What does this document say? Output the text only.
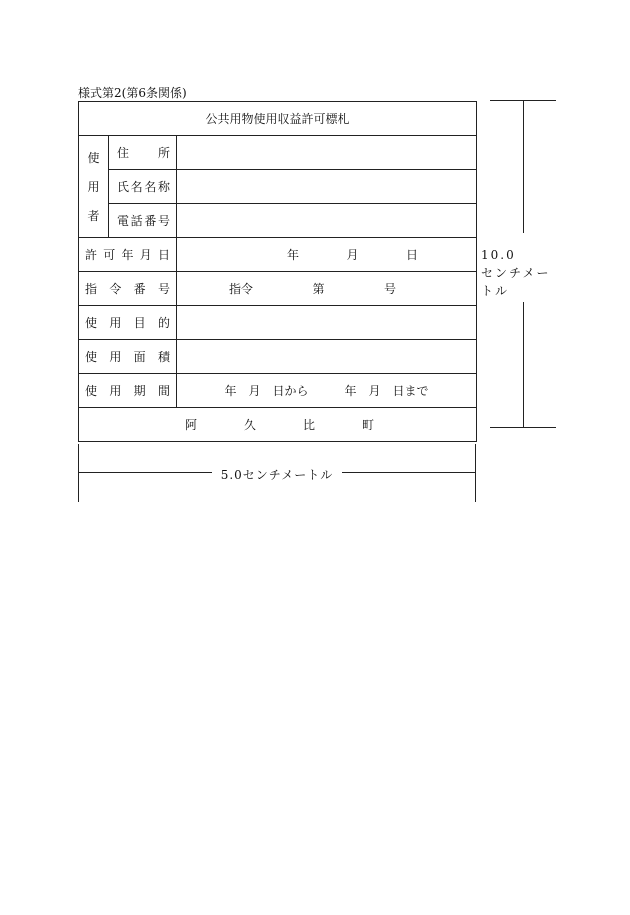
様式第2(第6条関係)
公共用物使用収益許可標札		

使
用
者	住 所	

	氏 名 名 称	

	電 話 番 号	

許 可 年 月 日		年 月 日

指 令 番 号		指令 第 号

使 用 目 的		

使 用 面 積		

使 用 期 間		年　月　日から　　　年　月　日まで

阿 久 比 町		
10.0
センチメートル
5.0センチメートル
